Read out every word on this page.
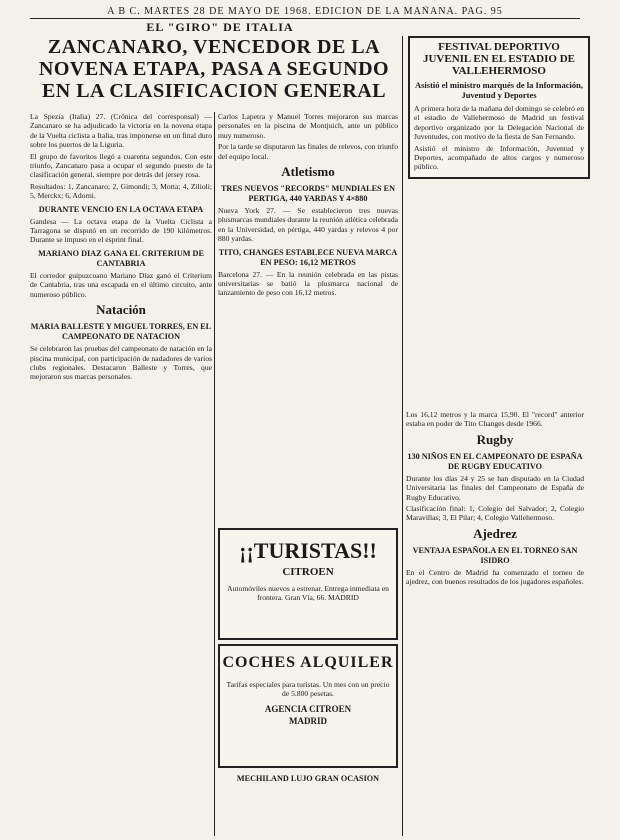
A B C. MARTES 28 DE MAYO DE 1968. EDICION DE LA MAÑANA. PAG. 95
EL "GIRO" DE ITALIA
ZANCANARO, VENCEDOR DE LA NOVENA ETAPA, PASA A SEGUNDO EN LA CLASIFICACION GENERAL

La Spezia (Italia) 27. (Crónica del corresponsal) — Zancanaro se ha adjudicado la victoria en la novena etapa de la Vuelta ciclista a Italia, tras imponerse en un final duro sobre los puertos de la Liguria.

El grupo de favoritos llegó a cuarenta segundos. Con este triunfo, Zancanaro pasa a ocupar el segundo puesto de la clasificación general, siempre por detrás del jersey rosa.

Resultados: 1, Zancanaro; 2, Gimondi; 3, Motta; 4, Zilioli; 5, Merckx; 6, Adorni.

DURANTE VENCIO EN LA OCTAVA ETAPA

Gandesa — La octava etapa de la Vuelta Ciclista a Tarragona se disputó en un recorrido de 190 kilómetros. Durante se impuso en el esprint final.

MARIANO DIAZ GANA EL CRITERIUM DE CANTABRIA

El corredor guipuzcoano Mariano Díaz ganó el Criterium de Cantabria, tras una escapada en el último circuito, ante numeroso público.

Natación
MARIA BALLESTE Y MIGUEL TORRES, EN EL CAMPEONATO DE NATACION

Se celebraron las pruebas del campeonato de natación en la piscina municipal, con participación de nadadores de varios clubs regionales. Destacaron Balleste y Torres, que mejoraron sus marcas personales.

Carlos Lapetra y Manuel Torres mejoraron sus marcas personales en la piscina de Montjuich, ante un público muy numeroso.

Por la tarde se disputaron las finales de relevos, con triunfo del equipo local.

Atletismo
TRES NUEVOS "RECORDS" MUNDIALES EN PERTIGA, 440 YARDAS Y 4×880

Nueva York 27. — Se establecieron tres nuevas plusmarcas mundiales durante la reunión atlética celebrada en la Universidad, en pértiga, 440 yardas y relevos 4 por 880 yardas.

TITO, CHANGES ESTABLECE NUEVA MARCA EN PESO: 16,12 METROS

Barcelona 27. — En la reunión celebrada en las pistas universitarias se batió la plusmarca nacional de lanzamiento de peso con 16,12 metros.

¡¡TURISTAS!!
CITROEN
Automóviles nuevos a estrenar. Entrega inmediata en frontera. Gran Vía, 66. MADRID
COCHES ALQUILER
Tarifas especiales para turistas. Un mes con un precio de 5.800 pesetas.
AGENCIA CITROEN
MADRID
MECHILAND LUJO GRAN OCASION
FESTIVAL DEPORTIVO JUVENIL EN EL ESTADIO DE VALLEHERMOSO
Asistió el ministro marqués de la Información, Juventud y Deportes

A primera hora de la mañana del domingo se celebró en el estadio de Vallehermoso de Madrid un festival deportivo organizado por la Delegación Nacional de Juventudes, con motivo de la fiesta de San Fernando.

Asistió el ministro de Información, Juventud y Deportes, acompañado de altos cargos y numeroso público.

Los 16,12 metros y la marca 15,90. El "record" anterior estaba en poder de Tito Changes desde 1966.

Rugby
130 NIÑOS EN EL CAMPEONATO DE ESPAÑA DE RUGBY EDUCATIVO

Durante los días 24 y 25 se han disputado en la Ciudad Universitaria las finales del Campeonato de España de Rugby Educativo.

Clasificación final: 1, Colegio del Salvador; 2, Colegio Maravillas; 3, El Pilar; 4, Colegio Vallehermoso.

Ajedrez
VENTAJA ESPAÑOLA EN EL TORNEO SAN ISIDRO

En el Centro de Madrid ha comenzado el torneo de ajedrez, con buenos resultados de los jugadores españoles.
